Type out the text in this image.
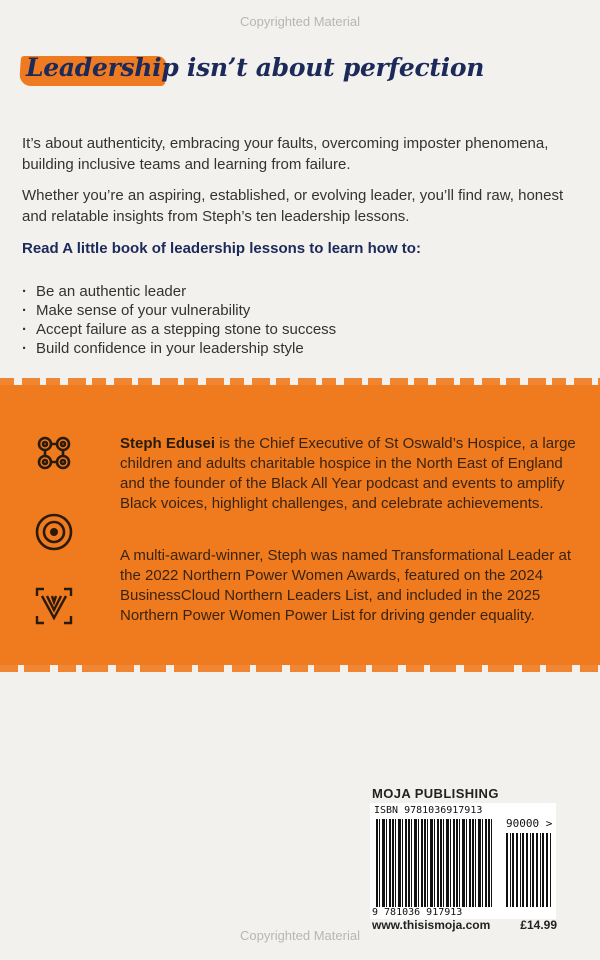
Copyrighted Material
Leadership isn’t about perfection

It’s about authenticity, embracing your faults, overcoming imposter phenomena, building inclusive teams and learning from failure.

Whether you’re an aspiring, established, or evolving leader, you’ll find raw, honest and relatable insights from Steph’s ten leadership lessons.

Read A little book of leadership lessons to learn how to:

· Be an authentic leader
· Make sense of your vulnerability
· Accept failure as a stepping stone to success
· Build confidence in your leadership style

Steph Edusei is the Chief Executive of St Oswald’s Hospice, a large children and adults charitable hospice in the North East of England and the founder of the Black All Year podcast and events to amplify Black voices, highlight challenges, and celebrate achievements.

A multi-award-winner, Steph was named Transformational Leader at the 2022 Northern Power Women Awards, featured on the 2024 BusinessCloud Northern Leaders List, and included in the 2025 Northern Power Women Power List for driving gender equality.

MOJA PUBLISHING

ISBN 9781036917913
90000 >
9 781036 917913
www.thisismoja.com	£14.99
Copyrighted Material
